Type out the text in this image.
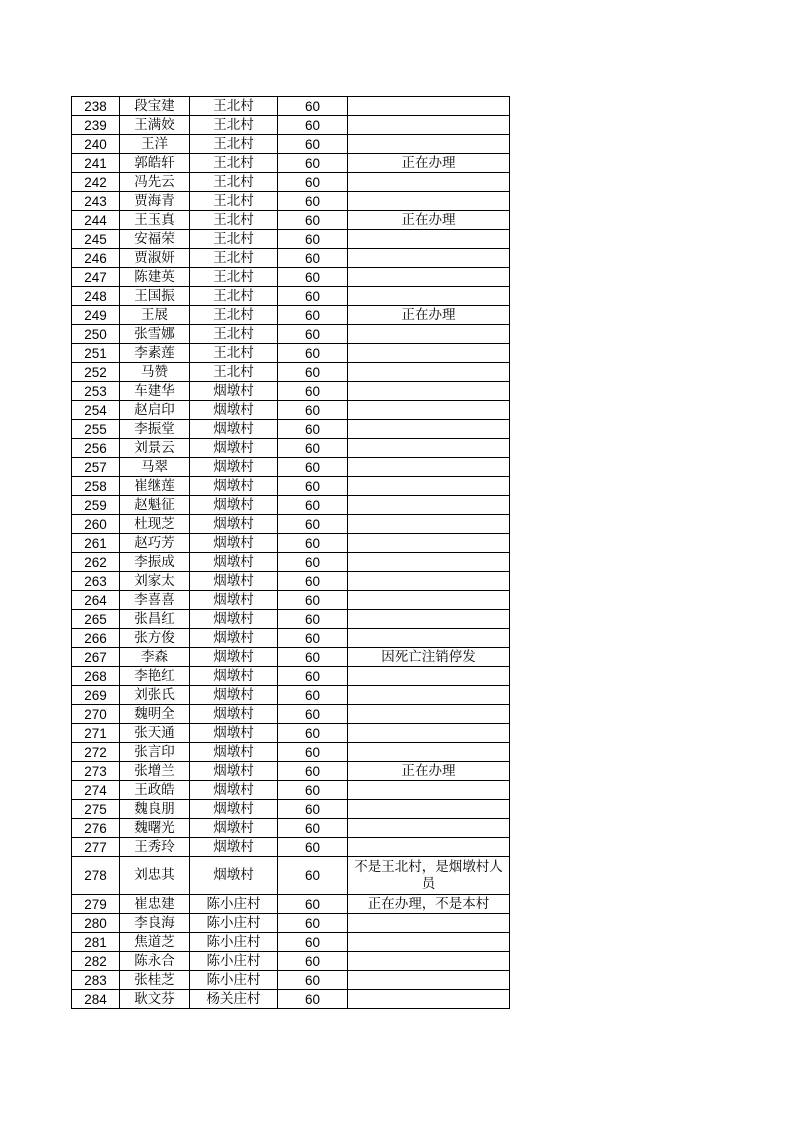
238	段宝建	王北村	60	
239	王满姣	王北村	60	
240	王洋	王北村	60	
241	郭皓轩	王北村	60	正在办理
242	冯先云	王北村	60	
243	贾海青	王北村	60	
244	王玉真	王北村	60	正在办理
245	安福荣	王北村	60	
246	贾淑妍	王北村	60	
247	陈建英	王北村	60	
248	王国振	王北村	60	
249	王展	王北村	60	正在办理
250	张雪娜	王北村	60	
251	李素莲	王北村	60	
252	马赞	王北村	60	
253	车建华	烟墩村	60	
254	赵启印	烟墩村	60	
255	李振堂	烟墩村	60	
256	刘景云	烟墩村	60	
257	马翠	烟墩村	60	
258	崔继莲	烟墩村	60	
259	赵魁征	烟墩村	60	
260	杜现芝	烟墩村	60	
261	赵巧芳	烟墩村	60	
262	李振成	烟墩村	60	
263	刘家太	烟墩村	60	
264	李喜喜	烟墩村	60	
265	张昌红	烟墩村	60	
266	张方俊	烟墩村	60	
267	李森	烟墩村	60	因死亡注销停发
268	李艳红	烟墩村	60	
269	刘张氏	烟墩村	60	
270	魏明全	烟墩村	60	
271	张天通	烟墩村	60	
272	张言印	烟墩村	60	
273	张增兰	烟墩村	60	正在办理
274	王政皓	烟墩村	60	
275	魏良朋	烟墩村	60	
276	魏曙光	烟墩村	60	
277	王秀玲	烟墩村	60	
278	刘忠其	烟墩村	60	不是王北村，是烟墩村人员
279	崔忠建	陈小庄村	60	正在办理，不是本村
280	李良海	陈小庄村	60	
281	焦道芝	陈小庄村	60	
282	陈永合	陈小庄村	60	
283	张桂芝	陈小庄村	60	
284	耿文芬	杨关庄村	60	
